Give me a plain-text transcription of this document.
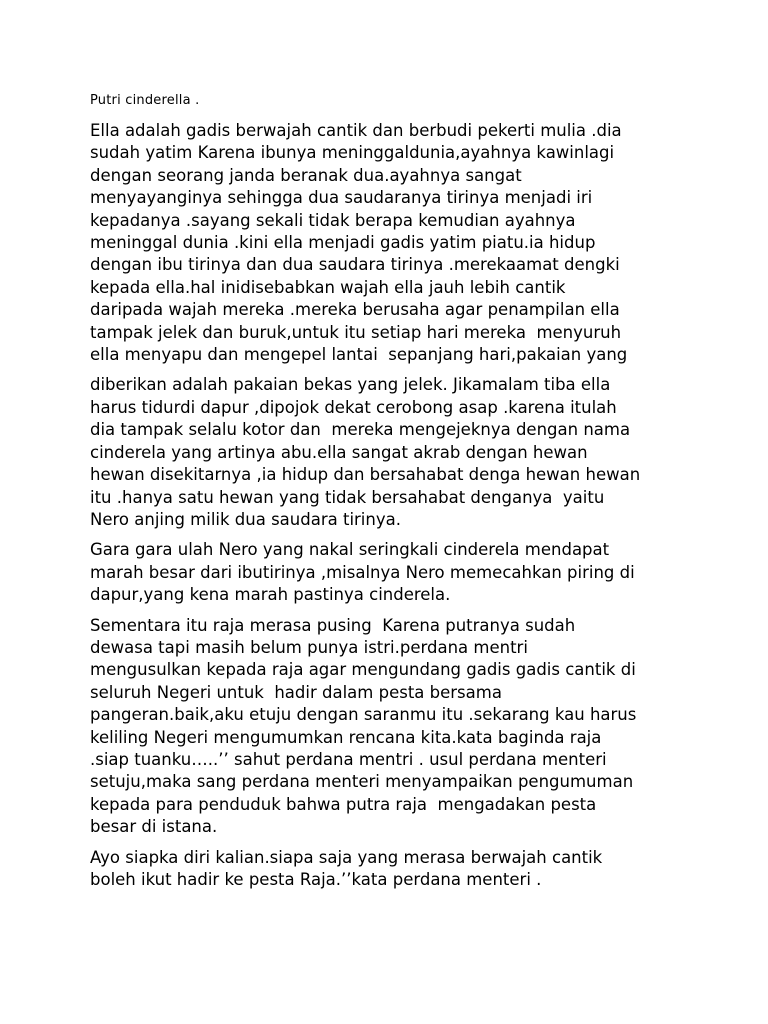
Putri cinderella .
Ella adalah gadis berwajah cantik dan berbudi pekerti mulia .dia
sudah yatim Karena ibunya meninggaldunia,ayahnya kawinlagi
dengan seorang janda beranak dua.ayahnya sangat
menyayanginya sehingga dua saudaranya tirinya menjadi iri
kepadanya .sayang sekali tidak berapa kemudian ayahnya
meninggal dunia .kini ella menjadi gadis yatim piatu.ia hidup
dengan ibu tirinya dan dua saudara tirinya .merekaamat dengki
kepada ella.hal inidisebabkan wajah ella jauh lebih cantik
daripada wajah mereka .mereka berusaha agar penampilan ella
tampak jelek dan buruk,untuk itu setiap hari mereka  menyuruh
ella menyapu dan mengepel lantai  sepanjang hari,pakaian yang
diberikan adalah pakaian bekas yang jelek. Jikamalam tiba ella
harus tidurdi dapur ,dipojok dekat cerobong asap .karena itulah
dia tampak selalu kotor dan  mereka mengejeknya dengan nama
cinderela yang artinya abu.ella sangat akrab dengan hewan
hewan disekitarnya ,ia hidup dan bersahabat denga hewan hewan
itu .hanya satu hewan yang tidak bersahabat denganya  yaitu
Nero anjing milik dua saudara tirinya.
Gara gara ulah Nero yang nakal seringkali cinderela mendapat
marah besar dari ibutirinya ,misalnya Nero memecahkan piring di
dapur,yang kena marah pastinya cinderela.
Sementara itu raja merasa pusing  Karena putranya sudah
dewasa tapi masih belum punya istri.perdana mentri
mengusulkan kepada raja agar mengundang gadis gadis cantik di
seluruh Negeri untuk  hadir dalam pesta bersama
pangeran.baik,aku etuju dengan saranmu itu .sekarang kau harus
keliling Negeri mengumumkan rencana kita.kata baginda raja
.siap tuanku…..’’ sahut perdana mentri . usul perdana menteri
setuju,maka sang perdana menteri menyampaikan pengumuman
kepada para penduduk bahwa putra raja  mengadakan pesta
besar di istana.
Ayo siapka diri kalian.siapa saja yang merasa berwajah cantik
boleh ikut hadir ke pesta Raja.’’kata perdana menteri .
